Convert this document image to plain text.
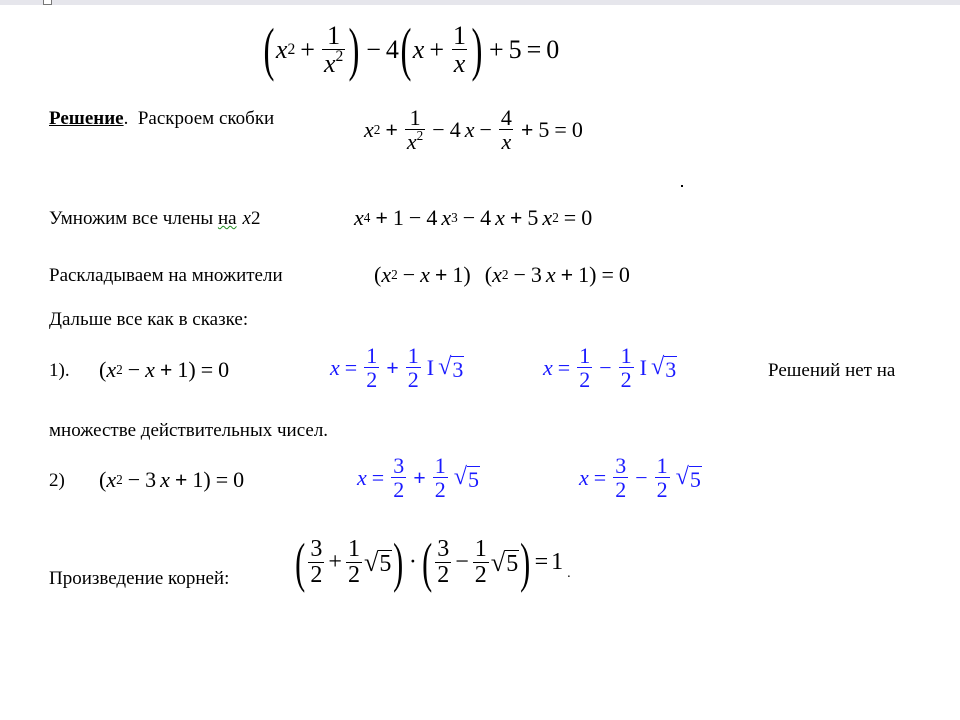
( x $2 + \frac{1}{x^2}$ ) − 4 ( $x + \frac{1}{x}$ ) + 5 = 0
Решение .  Раскроем скобки	x $2 + \frac{1}{x^2} - 4$ $x - \frac{4}{x} + 5 = 0$
Умножим все члены на x 2	x 4 + 1 − 4 x 3 − 4 x + 5 x 2 = 0
Раскладываем на множители	( x 2 − x + 1 ) ( x 2 − 3 x + 1 ) = 0
Дальше все как в сказке:
1). ( x 2 − x + 1 ) = 0	$x = \frac{1}{2} + \frac{1}{2}$ I √ 3	$x = \frac{1}{2} - \frac{1}{2}$ I √ 3	Решений нет на
множестве действительных чисел.
2) ( x 2 − 3 x + 1 ) = 0	$x = \frac{3}{2} + \frac{1}{2}$ √ 5	$x = \frac{3}{2} - \frac{1}{2}$ √ 5
Произведение корней: ( $\frac{3}{2} + \frac{1}{2}$ √ 5 ) · ( $\frac{3}{2} - \frac{1}{2}$ √ 5 ) = 1 .
